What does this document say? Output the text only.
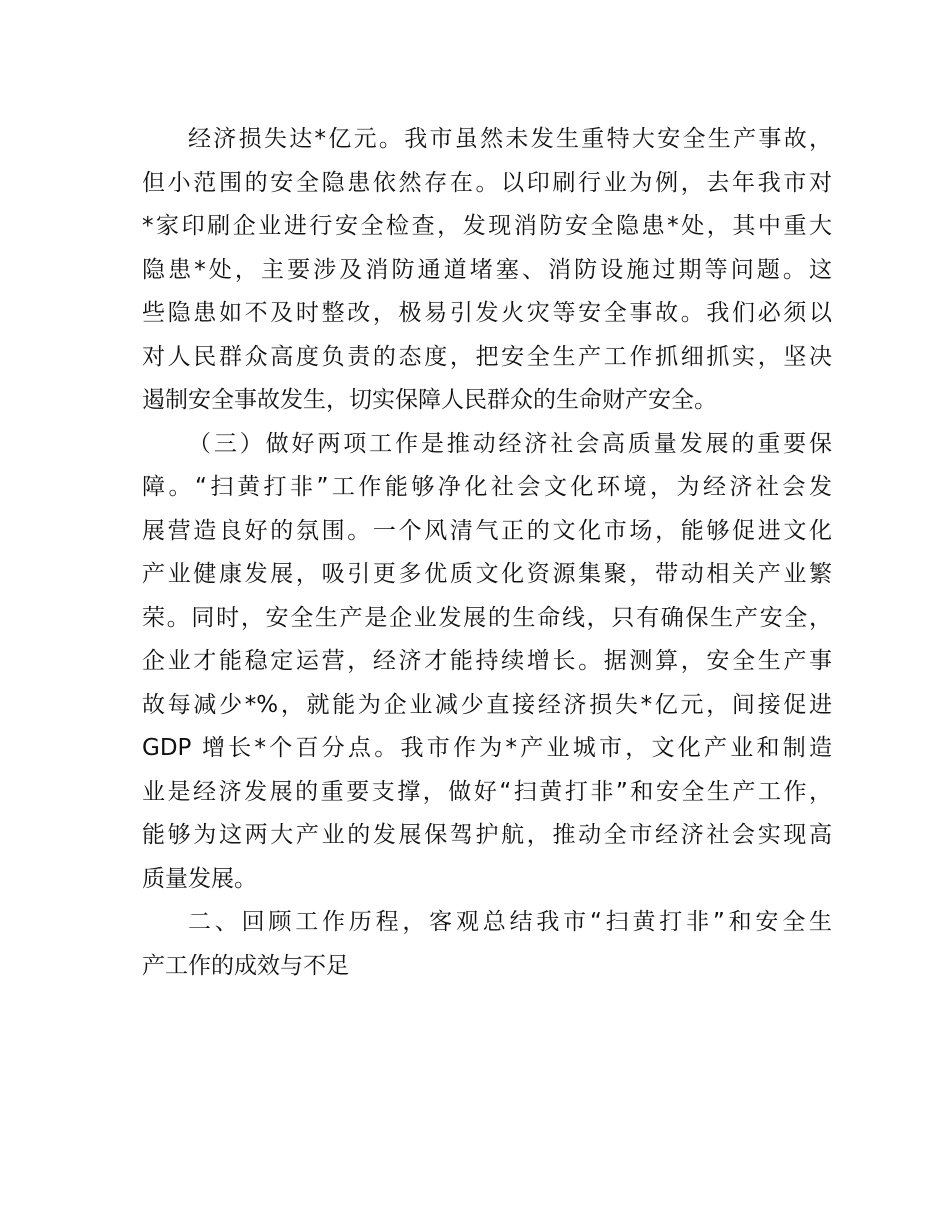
经济损失达*亿元。我市虽然未发生重特大安全生产事故，
但小范围的安全隐患依然存在。以印刷行业为例，去年我市对
*家印刷企业进行安全检查，发现消防安全隐患*处，其中重大
隐患*处，主要涉及消防通道堵塞、消防设施过期等问题。这
些隐患如不及时整改，极易引发火灾等安全事故。我们必须以
对人民群众高度负责的态度，把安全生产工作抓细抓实，坚决
遏制安全事故发生，切实保障人民群众的生命财产安全。
（三）做好两项工作是推动经济社会高质量发展的重要保
障。“扫黄打非”工作能够净化社会文化环境，为经济社会发
展营造良好的氛围。一个风清气正的文化市场，能够促进文化
产业健康发展，吸引更多优质文化资源集聚，带动相关产业繁
荣。同时，安全生产是企业发展的生命线，只有确保生产安全，
企业才能稳定运营，经济才能持续增长。据测算，安全生产事
故每减少*%，就能为企业减少直接经济损失*亿元，间接促进
GDP 增长*个百分点。我市作为*产业城市，文化产业和制造
业是经济发展的重要支撑，做好“扫黄打非”和安全生产工作，
能够为这两大产业的发展保驾护航，推动全市经济社会实现高
质量发展。
二、回顾工作历程，客观总结我市“扫黄打非”和安全生
产工作的成效与不足
